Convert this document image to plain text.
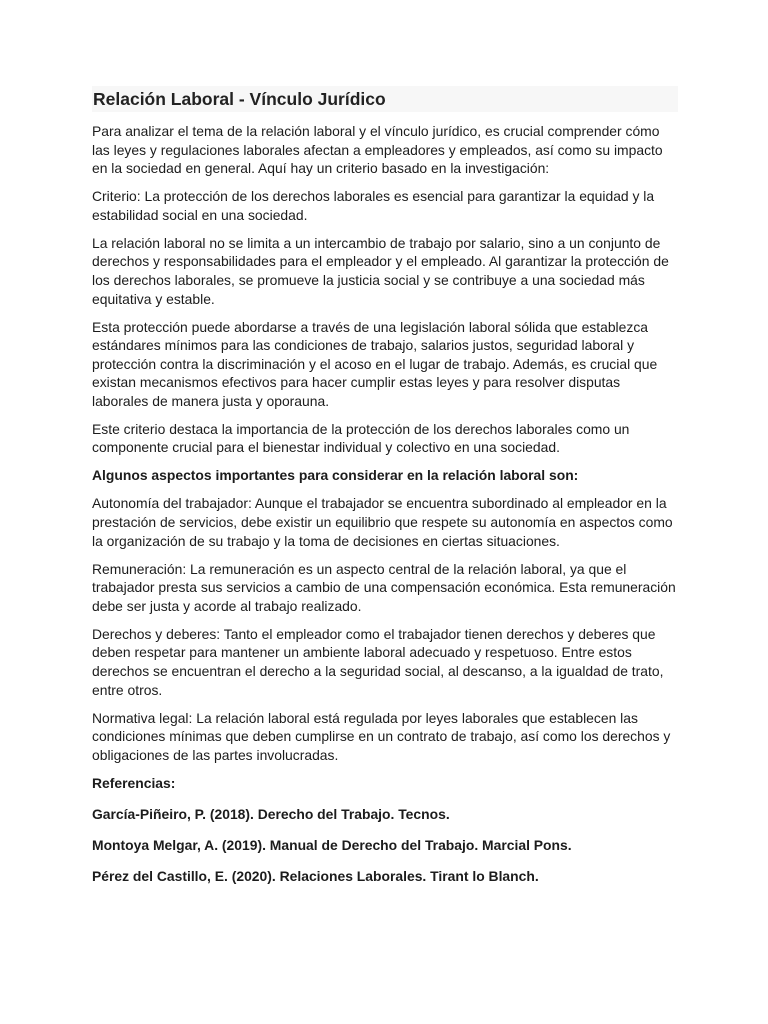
Relación Laboral - Vínculo Jurídico

Para analizar el tema de la relación laboral y el vínculo jurídico, es crucial comprender cómo las leyes y regulaciones laborales afectan a empleadores y empleados, así como su impacto en la sociedad en general. Aquí hay un criterio basado en la investigación:

Criterio: La protección de los derechos laborales es esencial para garantizar la equidad y la estabilidad social en una sociedad.

La relación laboral no se limita a un intercambio de trabajo por salario, sino a un conjunto de derechos y responsabilidades para el empleador y el empleado. Al garantizar la protección de los derechos laborales, se promueve la justicia social y se contribuye a una sociedad más equitativa y estable.

Esta protección puede abordarse a través de una legislación laboral sólida que establezca estándares mínimos para las condiciones de trabajo, salarios justos, seguridad laboral y protección contra la discriminación y el acoso en el lugar de trabajo. Además, es crucial que existan mecanismos efectivos para hacer cumplir estas leyes y para resolver disputas laborales de manera justa y oporauna.

Este criterio destaca la importancia de la protección de los derechos laborales como un componente crucial para el bienestar individual y colectivo en una sociedad.

Algunos aspectos importantes para considerar en la relación laboral son:

Autonomía del trabajador: Aunque el trabajador se encuentra subordinado al empleador en la prestación de servicios, debe existir un equilibrio que respete su autonomía en aspectos como la organización de su trabajo y la toma de decisiones en ciertas situaciones.

Remuneración: La remuneración es un aspecto central de la relación laboral, ya que el trabajador presta sus servicios a cambio de una compensación económica. Esta remuneración debe ser justa y acorde al trabajo realizado.

Derechos y deberes: Tanto el empleador como el trabajador tienen derechos y deberes que deben respetar para mantener un ambiente laboral adecuado y respetuoso. Entre estos derechos se encuentran el derecho a la seguridad social, al descanso, a la igualdad de trato, entre otros.

Normativa legal: La relación laboral está regulada por leyes laborales que establecen las condiciones mínimas que deben cumplirse en un contrato de trabajo, así como los derechos y obligaciones de las partes involucradas.

Referencias:

García-Piñeiro, P. (2018). Derecho del Trabajo. Tecnos.

Montoya Melgar, A. (2019). Manual de Derecho del Trabajo. Marcial Pons.

Pérez del Castillo, E. (2020). Relaciones Laborales. Tirant lo Blanch.
